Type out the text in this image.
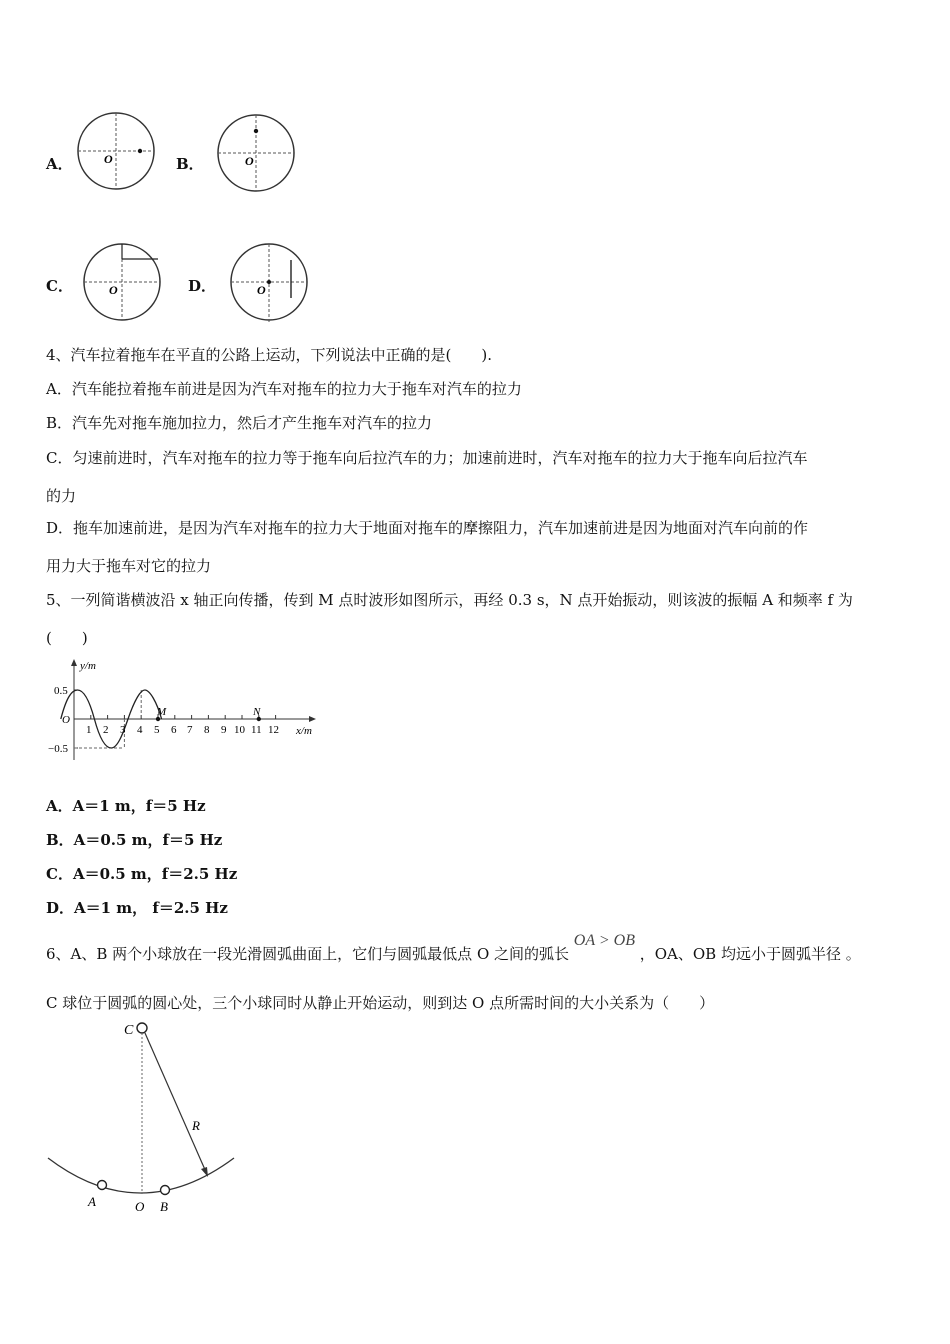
A．	O	B．	O
C．	O	D．	O
4、汽车拉着拖车在平直的公路上运动，下列说法中正确的是(　　).
A．汽车能拉着拖车前进是因为汽车对拖车的拉力大于拖车对汽车的拉力
B．汽车先对拖车施加拉力，然后才产生拖车对汽车的拉力
C．匀速前进时，汽车对拖车的拉力等于拖车向后拉汽车的力；加速前进时，汽车对拖车的拉力大于拖车向后拉汽车
的力
D．拖车加速前进，是因为汽车对拖车的拉力大于地面对拖车的摩擦阻力，汽车加速前进是因为地面对汽车向前的作
用力大于拖车对它的拉力
5、一列简谐横波沿 x 轴正向传播，传到 M 点时波形如图所示，再经 0.3 s，N 点开始振动，则该波的振幅 A 和频率 f 为
(　　)
y/m
x/m
O
0.5
−0.5
1 2 3 4 5 6 7 8 9 10 11 12
M	N
A．A＝1 m，f＝5 Hz
B．A＝0.5 m，f＝5 Hz
C．A＝0.5 m，f＝2.5 Hz
D．A＝1 m， f＝2.5 Hz
6、A、B 两个小球放在一段光滑圆弧曲面上，它们与圆弧最低点 O 之间的弧长 OA > OB ，OA、OB 均远小于圆弧半径 。
C 球位于圆弧的圆心处，三个小球同时从静止开始运动，则到达 O 点所需时间的大小关系为（　　）
C
R
A	O B
